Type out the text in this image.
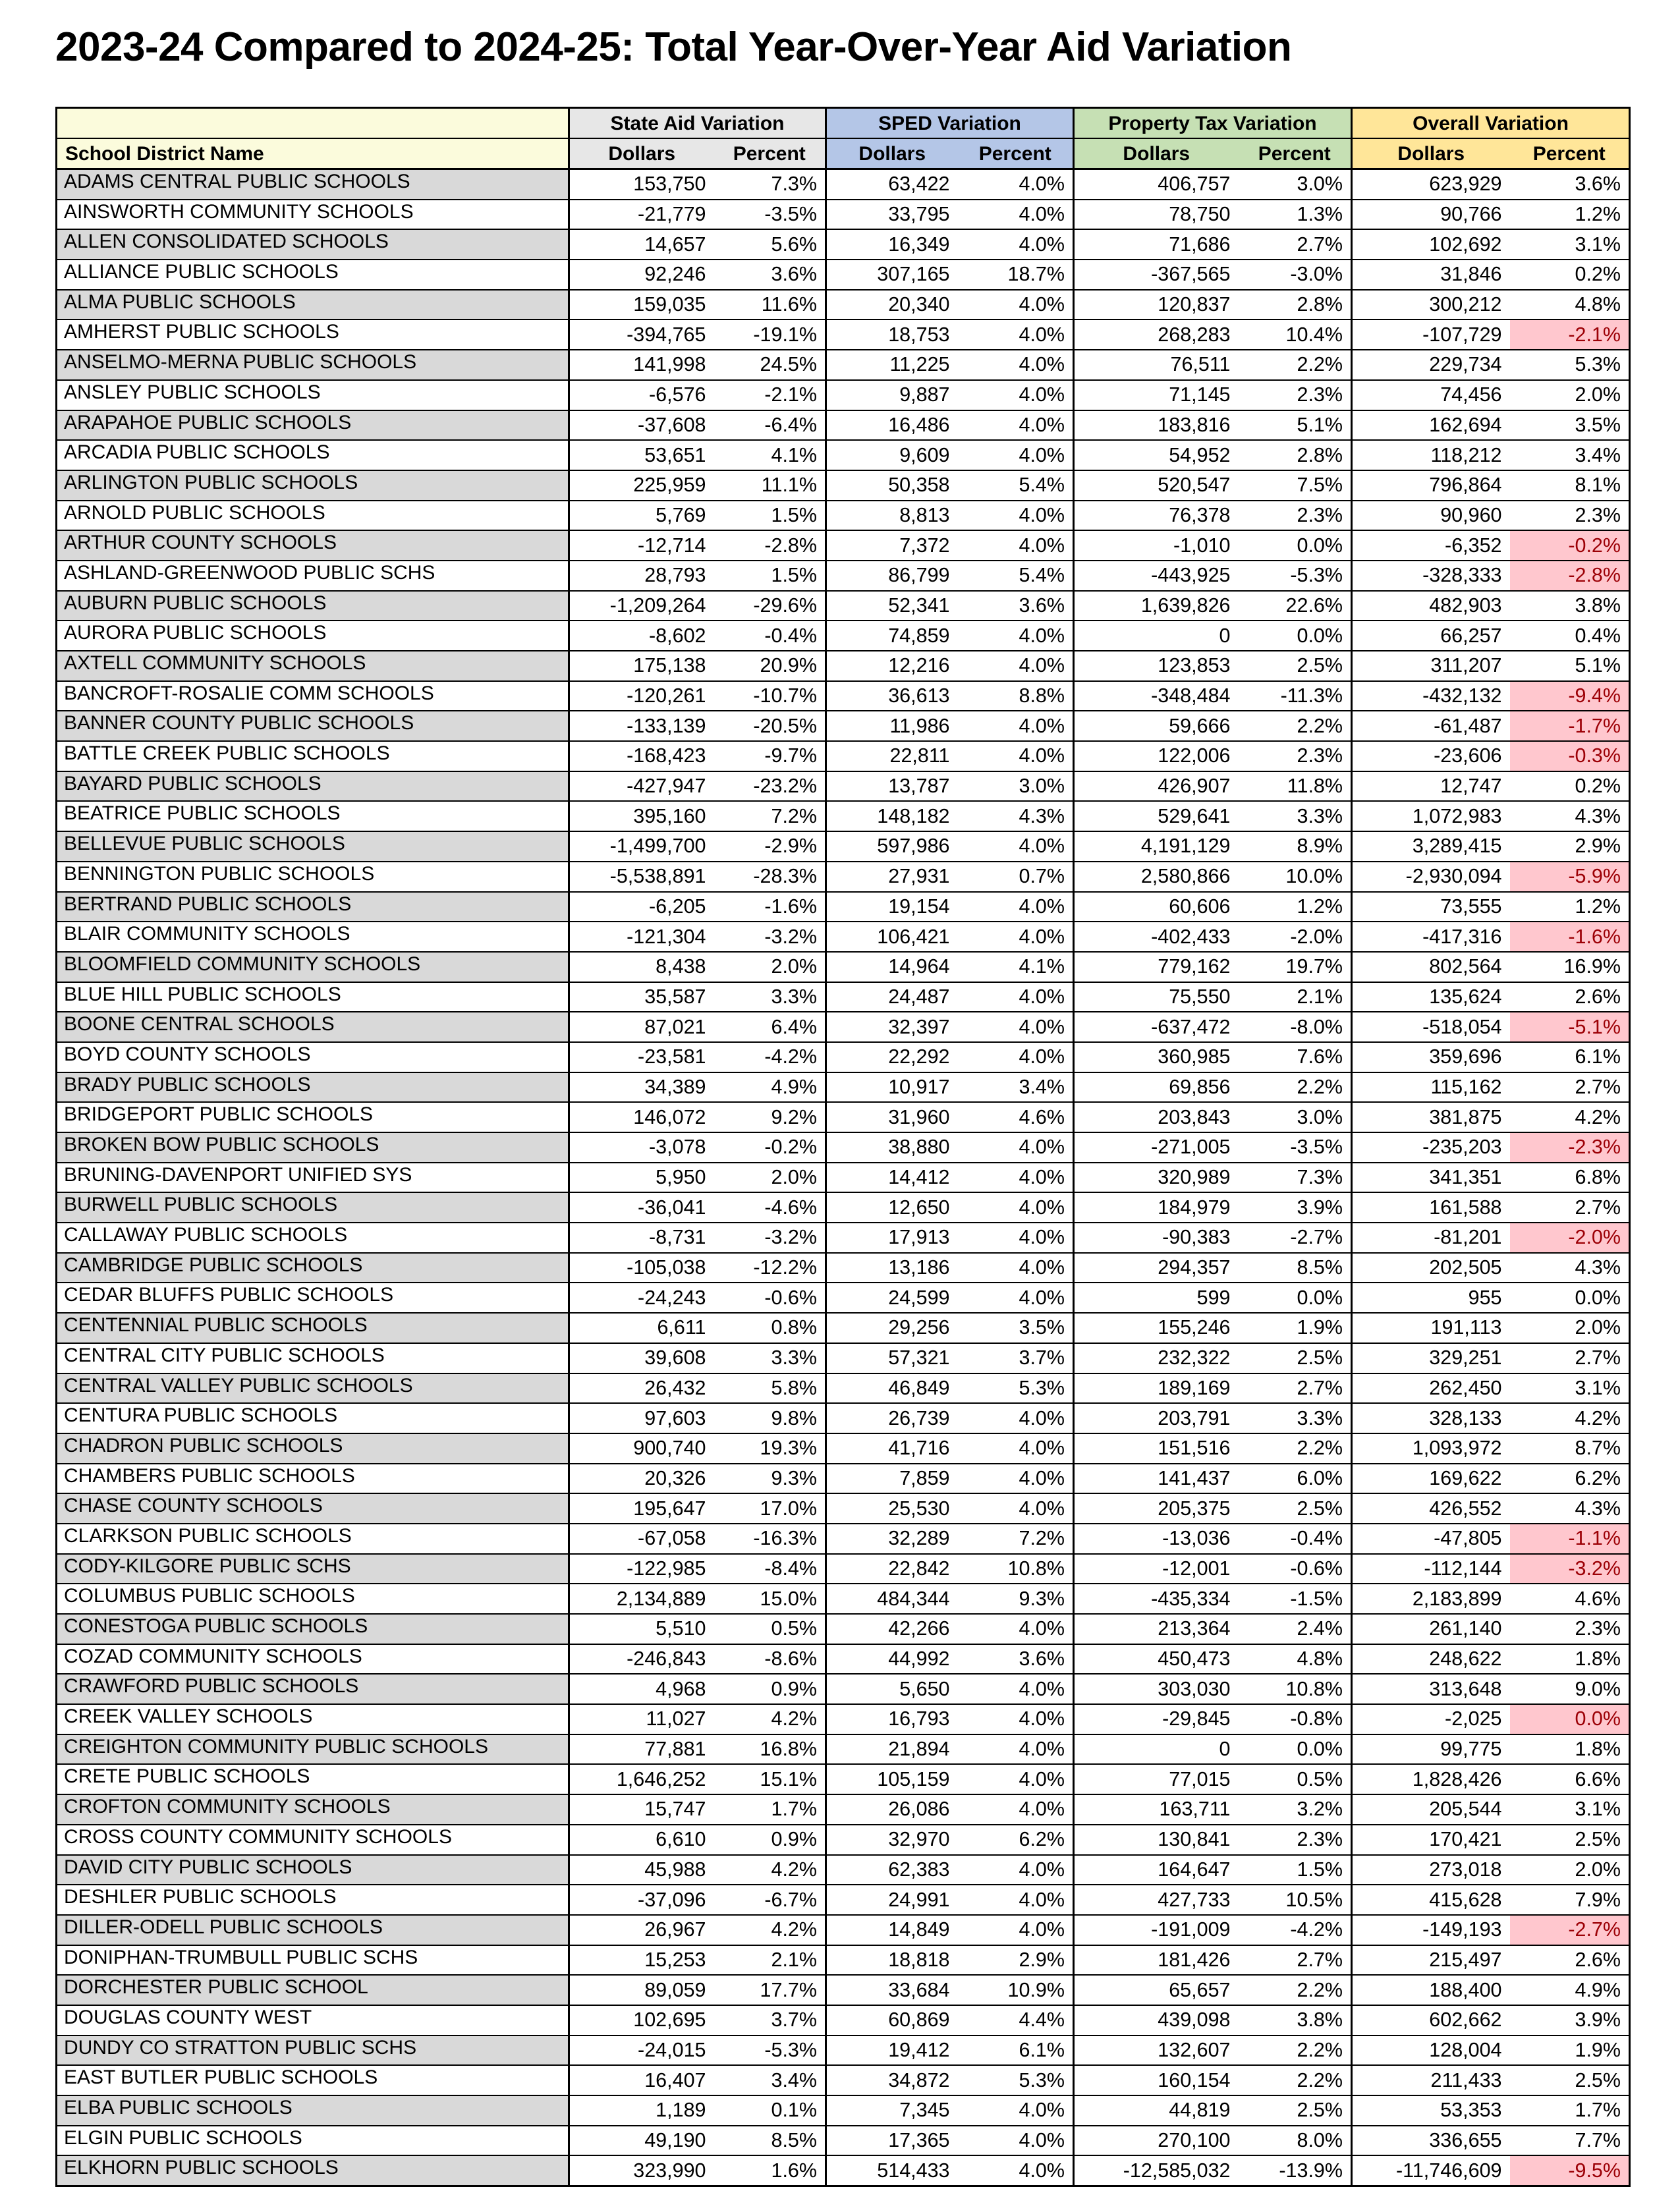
2023-24 Compared to 2024-25: Total Year-Over-Year Aid Variation
	State Aid Variation		SPED Variation		Property Tax Variation		Overall Variation	
School District Name	Dollars	Percent	Dollars	Percent	Dollars	Percent	Dollars	Percent
ADAMS CENTRAL PUBLIC SCHOOLS	153,750	7.3%	63,422	4.0%	406,757	3.0%	623,929	3.6%
AINSWORTH COMMUNITY SCHOOLS	-21,779	-3.5%	33,795	4.0%	78,750	1.3%	90,766	1.2%
ALLEN CONSOLIDATED SCHOOLS	14,657	5.6%	16,349	4.0%	71,686	2.7%	102,692	3.1%
ALLIANCE PUBLIC SCHOOLS	92,246	3.6%	307,165	18.7%	-367,565	-3.0%	31,846	0.2%
ALMA PUBLIC SCHOOLS	159,035	11.6%	20,340	4.0%	120,837	2.8%	300,212	4.8%
AMHERST PUBLIC SCHOOLS	-394,765	-19.1%	18,753	4.0%	268,283	10.4%	-107,729	-2.1%
ANSELMO-MERNA PUBLIC SCHOOLS	141,998	24.5%	11,225	4.0%	76,511	2.2%	229,734	5.3%
ANSLEY PUBLIC SCHOOLS	-6,576	-2.1%	9,887	4.0%	71,145	2.3%	74,456	2.0%
ARAPAHOE PUBLIC SCHOOLS	-37,608	-6.4%	16,486	4.0%	183,816	5.1%	162,694	3.5%
ARCADIA PUBLIC SCHOOLS	53,651	4.1%	9,609	4.0%	54,952	2.8%	118,212	3.4%
ARLINGTON PUBLIC SCHOOLS	225,959	11.1%	50,358	5.4%	520,547	7.5%	796,864	8.1%
ARNOLD PUBLIC SCHOOLS	5,769	1.5%	8,813	4.0%	76,378	2.3%	90,960	2.3%
ARTHUR COUNTY SCHOOLS	-12,714	-2.8%	7,372	4.0%	-1,010	0.0%	-6,352	-0.2%
ASHLAND-GREENWOOD PUBLIC SCHS	28,793	1.5%	86,799	5.4%	-443,925	-5.3%	-328,333	-2.8%
AUBURN PUBLIC SCHOOLS	-1,209,264	-29.6%	52,341	3.6%	1,639,826	22.6%	482,903	3.8%
AURORA PUBLIC SCHOOLS	-8,602	-0.4%	74,859	4.0%	0	0.0%	66,257	0.4%
AXTELL COMMUNITY SCHOOLS	175,138	20.9%	12,216	4.0%	123,853	2.5%	311,207	5.1%
BANCROFT-ROSALIE COMM SCHOOLS	-120,261	-10.7%	36,613	8.8%	-348,484	-11.3%	-432,132	-9.4%
BANNER COUNTY PUBLIC SCHOOLS	-133,139	-20.5%	11,986	4.0%	59,666	2.2%	-61,487	-1.7%
BATTLE CREEK PUBLIC SCHOOLS	-168,423	-9.7%	22,811	4.0%	122,006	2.3%	-23,606	-0.3%
BAYARD PUBLIC SCHOOLS	-427,947	-23.2%	13,787	3.0%	426,907	11.8%	12,747	0.2%
BEATRICE PUBLIC SCHOOLS	395,160	7.2%	148,182	4.3%	529,641	3.3%	1,072,983	4.3%
BELLEVUE PUBLIC SCHOOLS	-1,499,700	-2.9%	597,986	4.0%	4,191,129	8.9%	3,289,415	2.9%
BENNINGTON PUBLIC SCHOOLS	-5,538,891	-28.3%	27,931	0.7%	2,580,866	10.0%	-2,930,094	-5.9%
BERTRAND PUBLIC SCHOOLS	-6,205	-1.6%	19,154	4.0%	60,606	1.2%	73,555	1.2%
BLAIR COMMUNITY SCHOOLS	-121,304	-3.2%	106,421	4.0%	-402,433	-2.0%	-417,316	-1.6%
BLOOMFIELD COMMUNITY SCHOOLS	8,438	2.0%	14,964	4.1%	779,162	19.7%	802,564	16.9%
BLUE HILL PUBLIC SCHOOLS	35,587	3.3%	24,487	4.0%	75,550	2.1%	135,624	2.6%
BOONE CENTRAL SCHOOLS	87,021	6.4%	32,397	4.0%	-637,472	-8.0%	-518,054	-5.1%
BOYD COUNTY SCHOOLS	-23,581	-4.2%	22,292	4.0%	360,985	7.6%	359,696	6.1%
BRADY PUBLIC SCHOOLS	34,389	4.9%	10,917	3.4%	69,856	2.2%	115,162	2.7%
BRIDGEPORT PUBLIC SCHOOLS	146,072	9.2%	31,960	4.6%	203,843	3.0%	381,875	4.2%
BROKEN BOW PUBLIC SCHOOLS	-3,078	-0.2%	38,880	4.0%	-271,005	-3.5%	-235,203	-2.3%
BRUNING-DAVENPORT UNIFIED SYS	5,950	2.0%	14,412	4.0%	320,989	7.3%	341,351	6.8%
BURWELL PUBLIC SCHOOLS	-36,041	-4.6%	12,650	4.0%	184,979	3.9%	161,588	2.7%
CALLAWAY PUBLIC SCHOOLS	-8,731	-3.2%	17,913	4.0%	-90,383	-2.7%	-81,201	-2.0%
CAMBRIDGE PUBLIC SCHOOLS	-105,038	-12.2%	13,186	4.0%	294,357	8.5%	202,505	4.3%
CEDAR BLUFFS PUBLIC SCHOOLS	-24,243	-0.6%	24,599	4.0%	599	0.0%	955	0.0%
CENTENNIAL PUBLIC SCHOOLS	6,611	0.8%	29,256	3.5%	155,246	1.9%	191,113	2.0%
CENTRAL CITY PUBLIC SCHOOLS	39,608	3.3%	57,321	3.7%	232,322	2.5%	329,251	2.7%
CENTRAL VALLEY PUBLIC SCHOOLS	26,432	5.8%	46,849	5.3%	189,169	2.7%	262,450	3.1%
CENTURA PUBLIC SCHOOLS	97,603	9.8%	26,739	4.0%	203,791	3.3%	328,133	4.2%
CHADRON PUBLIC SCHOOLS	900,740	19.3%	41,716	4.0%	151,516	2.2%	1,093,972	8.7%
CHAMBERS PUBLIC SCHOOLS	20,326	9.3%	7,859	4.0%	141,437	6.0%	169,622	6.2%
CHASE COUNTY SCHOOLS	195,647	17.0%	25,530	4.0%	205,375	2.5%	426,552	4.3%
CLARKSON PUBLIC SCHOOLS	-67,058	-16.3%	32,289	7.2%	-13,036	-0.4%	-47,805	-1.1%
CODY-KILGORE PUBLIC SCHS	-122,985	-8.4%	22,842	10.8%	-12,001	-0.6%	-112,144	-3.2%
COLUMBUS PUBLIC SCHOOLS	2,134,889	15.0%	484,344	9.3%	-435,334	-1.5%	2,183,899	4.6%
CONESTOGA PUBLIC SCHOOLS	5,510	0.5%	42,266	4.0%	213,364	2.4%	261,140	2.3%
COZAD COMMUNITY SCHOOLS	-246,843	-8.6%	44,992	3.6%	450,473	4.8%	248,622	1.8%
CRAWFORD PUBLIC SCHOOLS	4,968	0.9%	5,650	4.0%	303,030	10.8%	313,648	9.0%
CREEK VALLEY SCHOOLS	11,027	4.2%	16,793	4.0%	-29,845	-0.8%	-2,025	0.0%
CREIGHTON COMMUNITY PUBLIC SCHOOLS	77,881	16.8%	21,894	4.0%	0	0.0%	99,775	1.8%
CRETE PUBLIC SCHOOLS	1,646,252	15.1%	105,159	4.0%	77,015	0.5%	1,828,426	6.6%
CROFTON COMMUNITY SCHOOLS	15,747	1.7%	26,086	4.0%	163,711	3.2%	205,544	3.1%
CROSS COUNTY COMMUNITY SCHOOLS	6,610	0.9%	32,970	6.2%	130,841	2.3%	170,421	2.5%
DAVID CITY PUBLIC SCHOOLS	45,988	4.2%	62,383	4.0%	164,647	1.5%	273,018	2.0%
DESHLER PUBLIC SCHOOLS	-37,096	-6.7%	24,991	4.0%	427,733	10.5%	415,628	7.9%
DILLER-ODELL PUBLIC SCHOOLS	26,967	4.2%	14,849	4.0%	-191,009	-4.2%	-149,193	-2.7%
DONIPHAN-TRUMBULL PUBLIC SCHS	15,253	2.1%	18,818	2.9%	181,426	2.7%	215,497	2.6%
DORCHESTER PUBLIC SCHOOL	89,059	17.7%	33,684	10.9%	65,657	2.2%	188,400	4.9%
DOUGLAS COUNTY WEST	102,695	3.7%	60,869	4.4%	439,098	3.8%	602,662	3.9%
DUNDY CO STRATTON PUBLIC SCHS	-24,015	-5.3%	19,412	6.1%	132,607	2.2%	128,004	1.9%
EAST BUTLER PUBLIC SCHOOLS	16,407	3.4%	34,872	5.3%	160,154	2.2%	211,433	2.5%
ELBA PUBLIC SCHOOLS	1,189	0.1%	7,345	4.0%	44,819	2.5%	53,353	1.7%
ELGIN PUBLIC SCHOOLS	49,190	8.5%	17,365	4.0%	270,100	8.0%	336,655	7.7%
ELKHORN PUBLIC SCHOOLS	323,990	1.6%	514,433	4.0%	-12,585,032	-13.9%	-11,746,609	-9.5%
